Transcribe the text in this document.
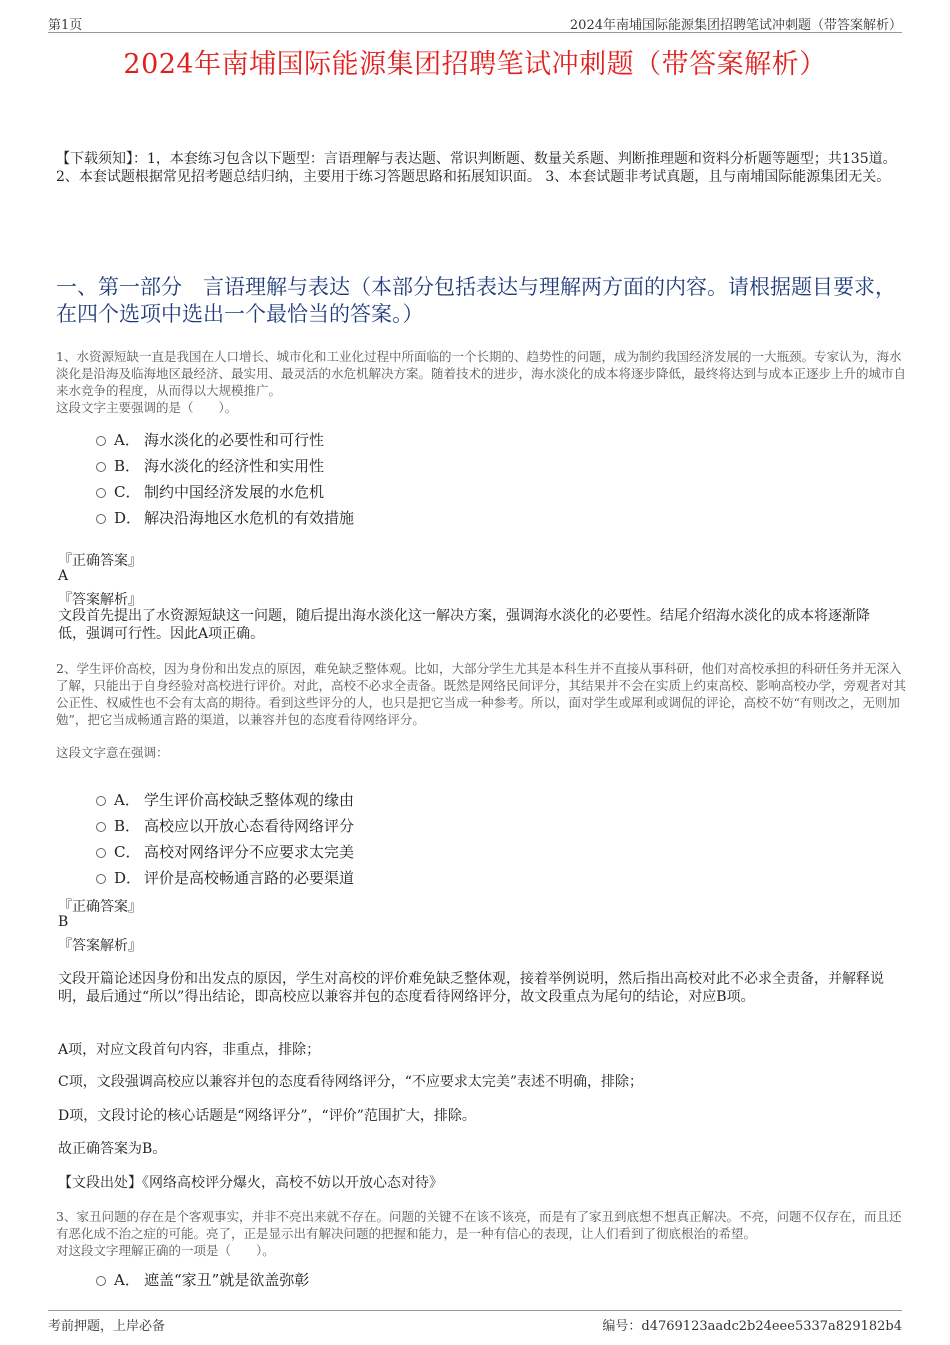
第1页	2024年南埔国际能源集团招聘笔试冲刺题（带答案解析）
2024年南埔国际能源集团招聘笔试冲刺题（带答案解析）
【下载须知】：1，本套练习包含以下题型：言语理解与表达题、常识判断题、数量关系题、判断推理题和资料分析题等题型；共135道。 2、本套试题根据常见招考题总结归纳，主要用于练习答题思路和拓展知识面。 3、本套试题非考试真题，且与南埔国际能源集团无关。
一、第一部分　言语理解与表达（本部分包括表达与理解两方面的内容。请根据题目要求，在四个选项中选出一个最恰当的答案。）
1、水资源短缺一直是我国在人口增长、城市化和工业化过程中所面临的一个长期的、趋势性的问题，成为制约我国经济发展的一大瓶颈。专家认为，海水淡化是沿海及临海地区最经济、最实用、最灵活的水危机解决方案。随着技术的进步，海水淡化的成本将逐步降低，最终将达到与成本正逐步上升的城市自来水竞争的程度，从而得以大规模推广。
这段文字主要强调的是（　　）。
A． 海水淡化的必要性和可行性
B． 海水淡化的经济性和实用性
C． 制约中国经济发展的水危机
D． 解决沿海地区水危机的有效措施
『正确答案』
A
『答案解析』
文段首先提出了水资源短缺这一问题，随后提出海水淡化这一解决方案，强调海水淡化的必要性。结尾介绍海水淡化的成本将逐渐降低，强调可行性。因此A项正确。
2、学生评价高校，因为身份和出发点的原因，难免缺乏整体观。比如，大部分学生尤其是本科生并不直接从事科研，他们对高校承担的科研任务并无深入了解，只能出于自身经验对高校进行评价。对此，高校不必求全责备。既然是网络民间评分，其结果并不会在实质上约束高校、影响高校办学，旁观者对其公正性、权威性也不会有太高的期待。看到这些评分的人，也只是把它当成一种参考。所以，面对学生或犀利或调侃的评论，高校不妨“有则改之，无则加勉”，把它当成畅通言路的渠道，以兼容并包的态度看待网络评分。
这段文字意在强调：
A． 学生评价高校缺乏整体观的缘由
B． 高校应以开放心态看待网络评分
C． 高校对网络评分不应要求太完美
D． 评价是高校畅通言路的必要渠道
『正确答案』
B
『答案解析』
文段开篇论述因身份和出发点的原因，学生对高校的评价难免缺乏整体观，接着举例说明，然后指出高校对此不必求全责备，并解释说明，最后通过“所以”得出结论，即高校应以兼容并包的态度看待网络评分，故文段重点为尾句的结论，对应B项。
A项，对应文段首句内容，非重点，排除；
C项，文段强调高校应以兼容并包的态度看待网络评分，“不应要求太完美”表述不明确，排除；
D项，文段讨论的核心话题是“网络评分”，“评价”范围扩大，排除。
故正确答案为B。
【文段出处】《网络高校评分爆火，高校不妨以开放心态对待》
3、家丑问题的存在是个客观事实，并非不亮出来就不存在。问题的关键不在该不该亮，而是有了家丑到底想不想真正解决。不亮，问题不仅存在，而且还有恶化成不治之症的可能。亮了，正是显示出有解决问题的把握和能力，是一种有信心的表现，让人们看到了彻底根治的希望。
对这段文字理解正确的一项是（　　）。
A． 遮盖“家丑”就是欲盖弥彰
考前押题，上岸必备	编号：d4769123aadc2b24eee5337a829182b4
